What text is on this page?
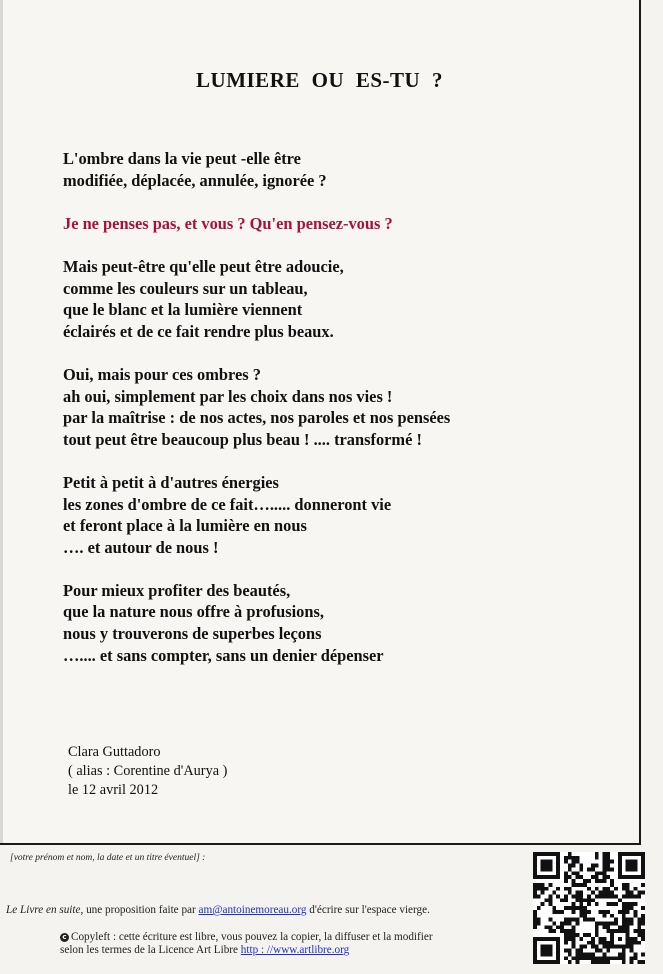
LUMIERE OU ES-TU ?
L'ombre dans la vie peut -elle être
modifiée, déplacée, annulée, ignorée ?
Je ne penses pas, et vous ? Qu'en pensez-vous ?
Mais peut-être qu'elle peut être adoucie,
comme les couleurs sur un tableau,
que le blanc et la lumière viennent
éclairés et de ce fait rendre plus beaux.
Oui, mais pour ces ombres ?
ah oui, simplement par les choix dans nos vies !
par la maîtrise : de nos actes, nos paroles et nos pensées
tout peut être beaucoup plus beau ! .... transformé !
Petit à petit à d'autres énergies
les zones d'ombre de ce fait…..... donneront vie
et feront place à la lumière en nous
…. et autour de nous !
Pour mieux profiter des beautés,
que la nature nous offre à profusions,
nous y trouverons de superbes leçons
….... et sans compter, sans un denier dépenser
Clara Guttadoro
( alias : Corentine d'Aurya )
le 12 avril 2012
[votre prénom et nom, la date et un titre éventuel] :
Le Livre en suite, une proposition faite par am@antoinemoreau.org d'écrire sur l'espace vierge.
c Copyleft : cette écriture est libre, vous pouvez la copier, la diffuser et la modifier
selon les termes de la Licence Art Libre http : //www.artlibre.org
